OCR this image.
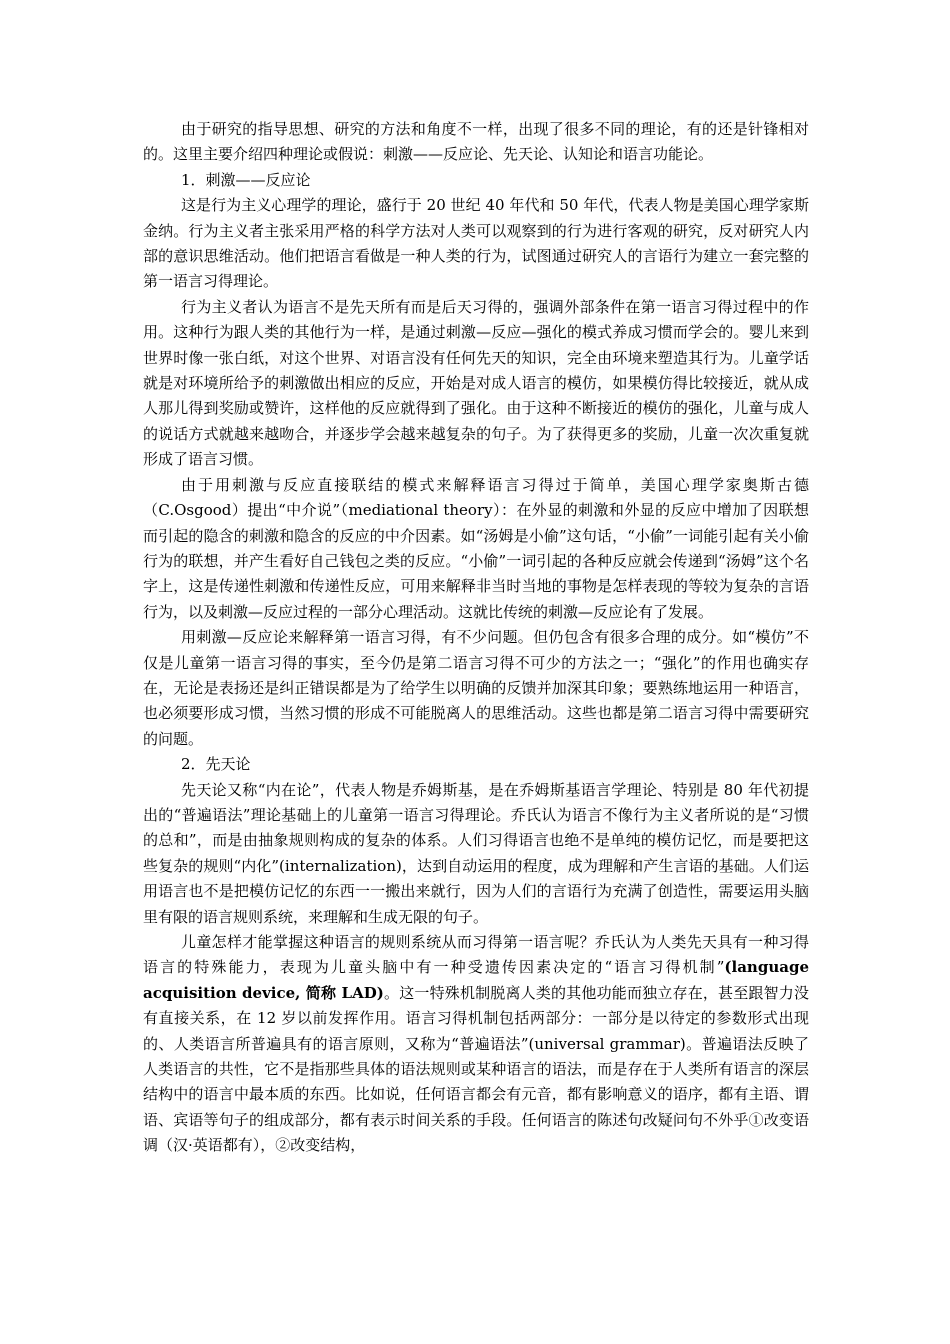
由于研究的指导思想、研究的方法和角度不一样，出现了很多不同的理论，有的还是针锋相对的。这里主要介绍四种理论或假说：刺激——反应论、先天论、认知论和语言功能论。

1．刺激——反应论

这是行为主义心理学的理论，盛行于 20 世纪 40 年代和 50 年代，代表人物是美国心理学家斯金纳。行为主义者主张采用严格的科学方法对人类可以观察到的行为进行客观的研究，反对研究人内部的意识思维活动。他们把语言看做是一种人类的行为，试图通过研究人的言语行为建立一套完整的第一语言习得理论。

行为主义者认为语言不是先天所有而是后天习得的，强调外部条件在第一语言习得过程中的作用。这种行为跟人类的其他行为一样，是通过刺激—反应—强化的模式养成习惯而学会的。婴儿来到世界时像一张白纸，对这个世界、对语言没有任何先天的知识，完全由环境来塑造其行为。儿童学话就是对环境所给予的刺激做出相应的反应，开始是对成人语言的模仿，如果模仿得比较接近，就从成人那儿得到奖励或赞许，这样他的反应就得到了强化。由于这种不断接近的模仿的强化，儿童与成人的说话方式就越来越吻合，并逐步学会越来越复杂的句子。为了获得更多的奖励，儿童一次次重复就形成了语言习惯。

由于用刺激与反应直接联结的模式来解释语言习得过于简单，美国心理学家奥斯古德（C.Osgood）提出“中介说”（mediational theory）：在外显的刺激和外显的反应中增加了因联想而引起的隐含的刺激和隐含的反应的中介因素。如“汤姆是小偷”这句话，“小偷”一词能引起有关小偷行为的联想，并产生看好自己钱包之类的反应。“小偷”一词引起的各种反应就会传递到“汤姆”这个名字上，这是传递性刺激和传递性反应，可用来解释非当时当地的事物是怎样表现的等较为复杂的言语行为，以及刺激—反应过程的一部分心理活动。这就比传统的刺激—反应论有了发展。

用刺激—反应论来解释第一语言习得，有不少问题。但仍包含有很多合理的成分。如“模仿”不仅是儿童第一语言习得的事实，至今仍是第二语言习得不可少的方法之一；“强化”的作用也确实存在，无论是表扬还是纠正错误都是为了给学生以明确的反馈并加深其印象；要熟练地运用一种语言，也必须要形成习惯，当然习惯的形成不可能脱离人的思维活动。这些也都是第二语言习得中需要研究的问题。

2．先天论

先天论又称“内在论”，代表人物是乔姆斯基，是在乔姆斯基语言学理论、特别是 80 年代初提出的“普遍语法”理论基础上的儿童第一语言习得理论。乔氏认为语言不像行为主义者所说的是“习惯的总和”，而是由抽象规则构成的复杂的体系。人们习得语言也绝不是单纯的模仿记忆，而是要把这些复杂的规则“内化”(internalization)，达到自动运用的程度，成为理解和产生言语的基础。人们运用语言也不是把模仿记忆的东西一一搬出来就行，因为人们的言语行为充满了创造性，需要运用头脑里有限的语言规则系统，来理解和生成无限的句子。

儿童怎样才能掌握这种语言的规则系统从而习得第一语言呢？乔氏认为人类先天具有一种习得语言的特殊能力，表现为儿童头脑中有一种受遗传因素决定的“语言习得机制”(language acquisition device, 简称 LAD)。这一特殊机制脱离人类的其他功能而独立存在，甚至跟智力没有直接关系，在 12 岁以前发挥作用。语言习得机制包括两部分：一部分是以待定的参数形式出现的、人类语言所普遍具有的语言原则，又称为“普遍语法”(universal grammar)。普遍语法反映了人类语言的共性，它不是指那些具体的语法规则或某种语言的语法，而是存在于人类所有语言的深层结构中的语言中最本质的东西。比如说，任何语言都会有元音，都有影响意义的语序，都有主语、谓语、宾语等句子的组成部分，都有表示时间关系的手段。任何语言的陈述句改疑问句不外乎①改变语调（汉·英语都有），②改变结构，
